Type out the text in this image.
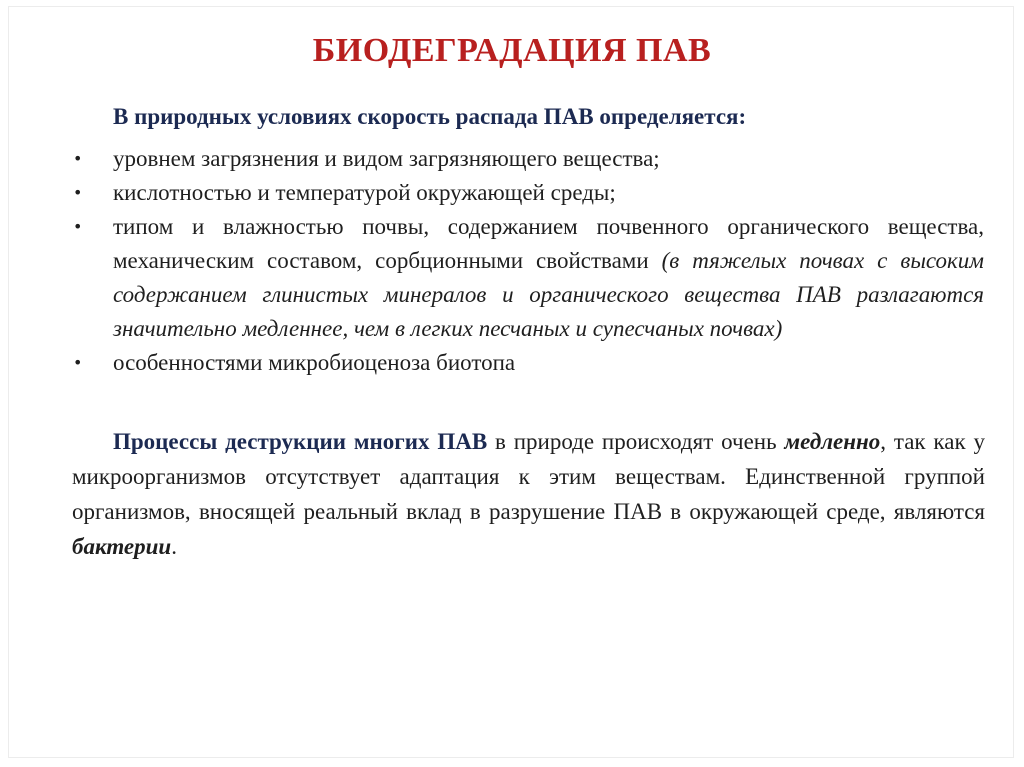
БИОДЕГРАДАЦИЯ ПАВ
В природных условиях скорость распада ПАВ определяется:
• уровнем загрязнения и видом загрязняющего вещества;
• кислотностью и температурой окружающей среды;
• типом и влажностью почвы, содержанием почвенного органического вещества, механическим составом, сорбционными свойствами (в тяжелых почвах с высоким содержанием глинистых минералов и органического вещества ПАВ разлагаются значительно медленнее, чем в легких песчаных и супесчаных почвах)
• особенностями микробиоценоза биотопа
Процессы деструкции многих ПАВ в природе происходят очень медленно, так как у микроорганизмов отсутствует адаптация к этим веществам. Единственной группой организмов, вносящей реальный вклад в разрушение ПАВ в окружающей среде, являются бактерии.
